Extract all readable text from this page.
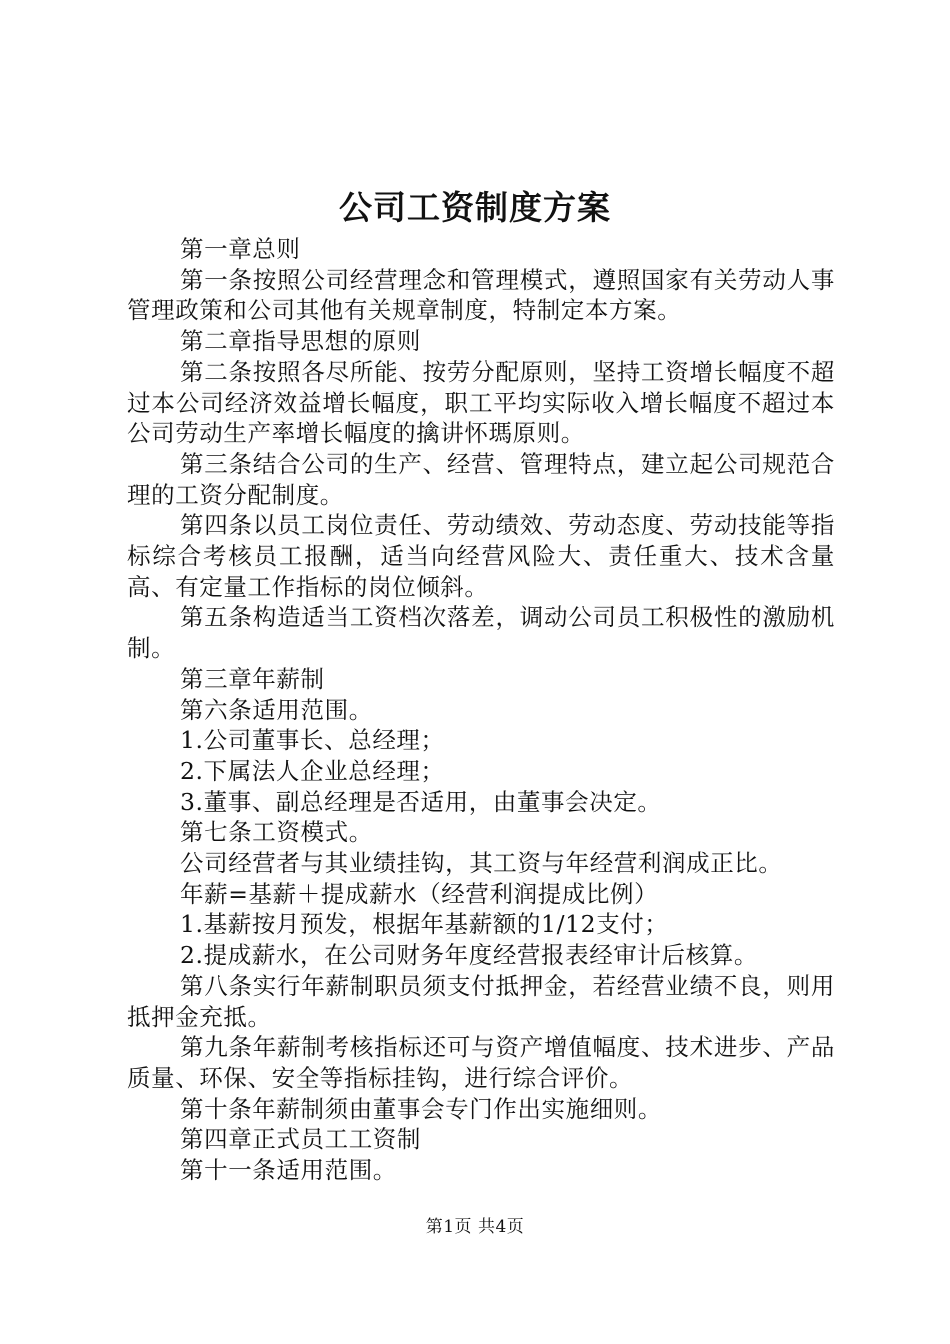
公司工资制度方案

第一章总则

第一条按照公司经营理念和管理模式，遵照国家有关劳动人事管理政策和公司其他有关规章制度，特制定本方案。

第二章指导思想的原则

第二条按照各尽所能、按劳分配原则，坚持工资增长幅度不超过本公司经济效益增长幅度，职工平均实际收入增长幅度不超过本公司劳动生产率增长幅度的擒讲怀瑪原则。

第三条结合公司的生产、经营、管理特点，建立起公司规范合理的工资分配制度。

第四条以员工岗位责任、劳动绩效、劳动态度、劳动技能等指标综合考核员工报酬，适当向经营风险大、责任重大、技术含量高、有定量工作指标的岗位倾斜。

第五条构造适当工资档次落差，调动公司员工积极性的激励机制。

第三章年薪制

第六条适用范围。

1.公司董事长、总经理；

2.下属法人企业总经理；

3.董事、副总经理是否适用，由董事会决定。

第七条工资模式。

公司经营者与其业绩挂钩，其工资与年经营利润成正比。

年薪=基薪＋提成薪水（经营利润提成比例）

1.基薪按月预发，根据年基薪额的1/12支付；

2.提成薪水，在公司财务年度经营报表经审计后核算。

第八条实行年薪制职员须支付抵押金，若经营业绩不良，则用抵押金充抵。

第九条年薪制考核指标还可与资产增值幅度、技术进步、产品质量、环保、安全等指标挂钩，进行综合评价。

第十条年薪制须由董事会专门作出实施细则。

第四章正式员工工资制

第十一条适用范围。

第1页 共4页
